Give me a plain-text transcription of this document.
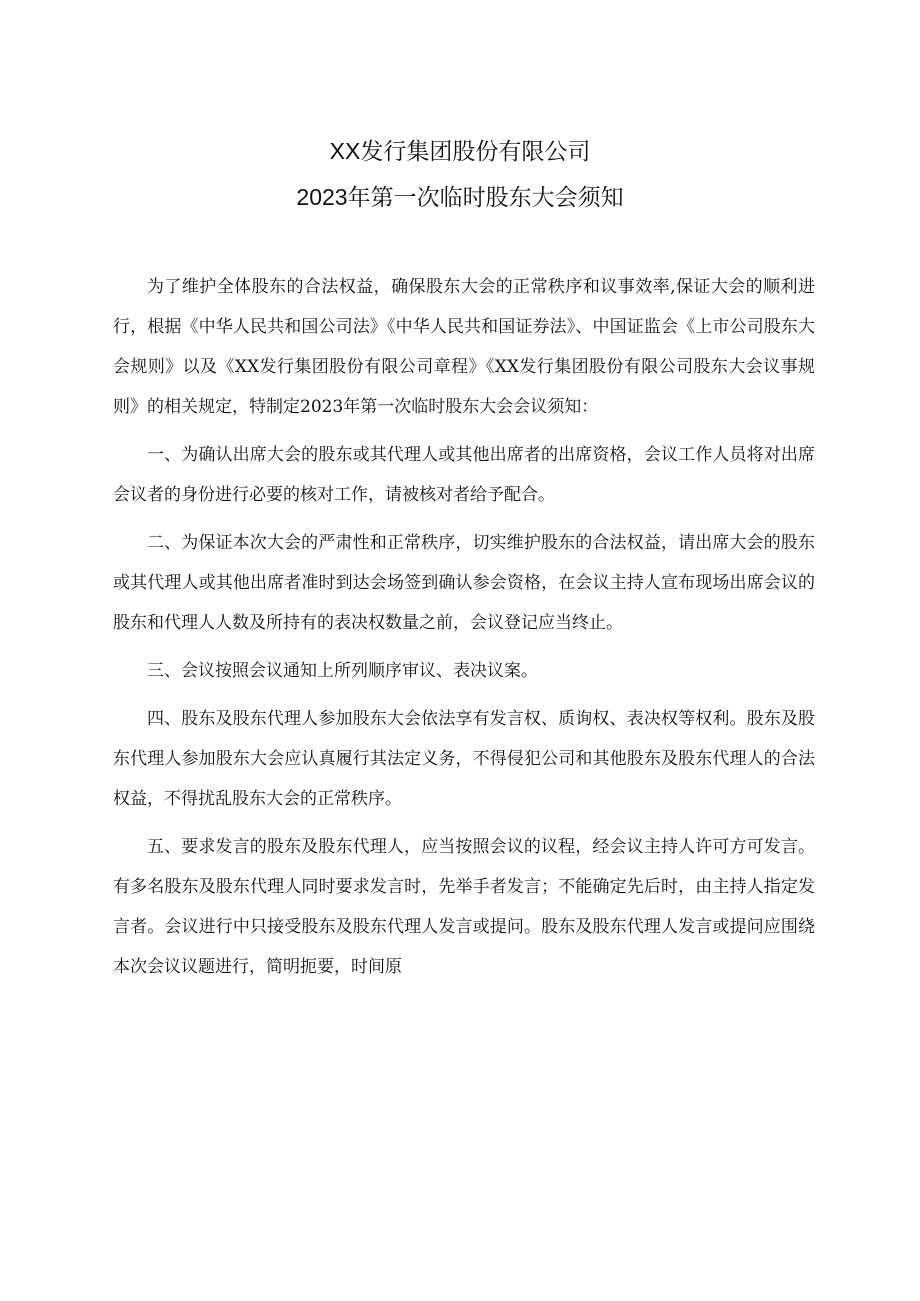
XX发行集团股份有限公司
2023年第一次临时股东大会须知

为了维护全体股东的合法权益，确保股东大会的正常秩序和议事效率,保证大会的顺利进行，根据《中华人民共和国公司法》《中华人民共和国证券法》、中国证监会《上市公司股东大会规则》以及《XX发行集团股份有限公司章程》《XX发行集团股份有限公司股东大会议事规则》的相关规定，特制定2023年第一次临时股东大会会议须知：

一、为确认出席大会的股东或其代理人或其他出席者的出席资格，会议工作人员将对出席会议者的身份进行必要的核对工作，请被核对者给予配合。

二、为保证本次大会的严肃性和正常秩序，切实维护股东的合法权益，请出席大会的股东或其代理人或其他出席者准时到达会场签到确认参会资格，在会议主持人宣布现场出席会议的股东和代理人人数及所持有的表决权数量之前，会议登记应当终止。

三、会议按照会议通知上所列顺序审议、表决议案。

四、股东及股东代理人参加股东大会依法享有发言权、质询权、表决权等权利。股东及股东代理人参加股东大会应认真履行其法定义务，不得侵犯公司和其他股东及股东代理人的合法权益，不得扰乱股东大会的正常秩序。

五、要求发言的股东及股东代理人，应当按照会议的议程，经会议主持人许可方可发言。有多名股东及股东代理人同时要求发言时，先举手者发言；不能确定先后时，由主持人指定发言者。会议进行中只接受股东及股东代理人发言或提问。股东及股东代理人发言或提问应围绕本次会议议题进行，简明扼要，时间原
